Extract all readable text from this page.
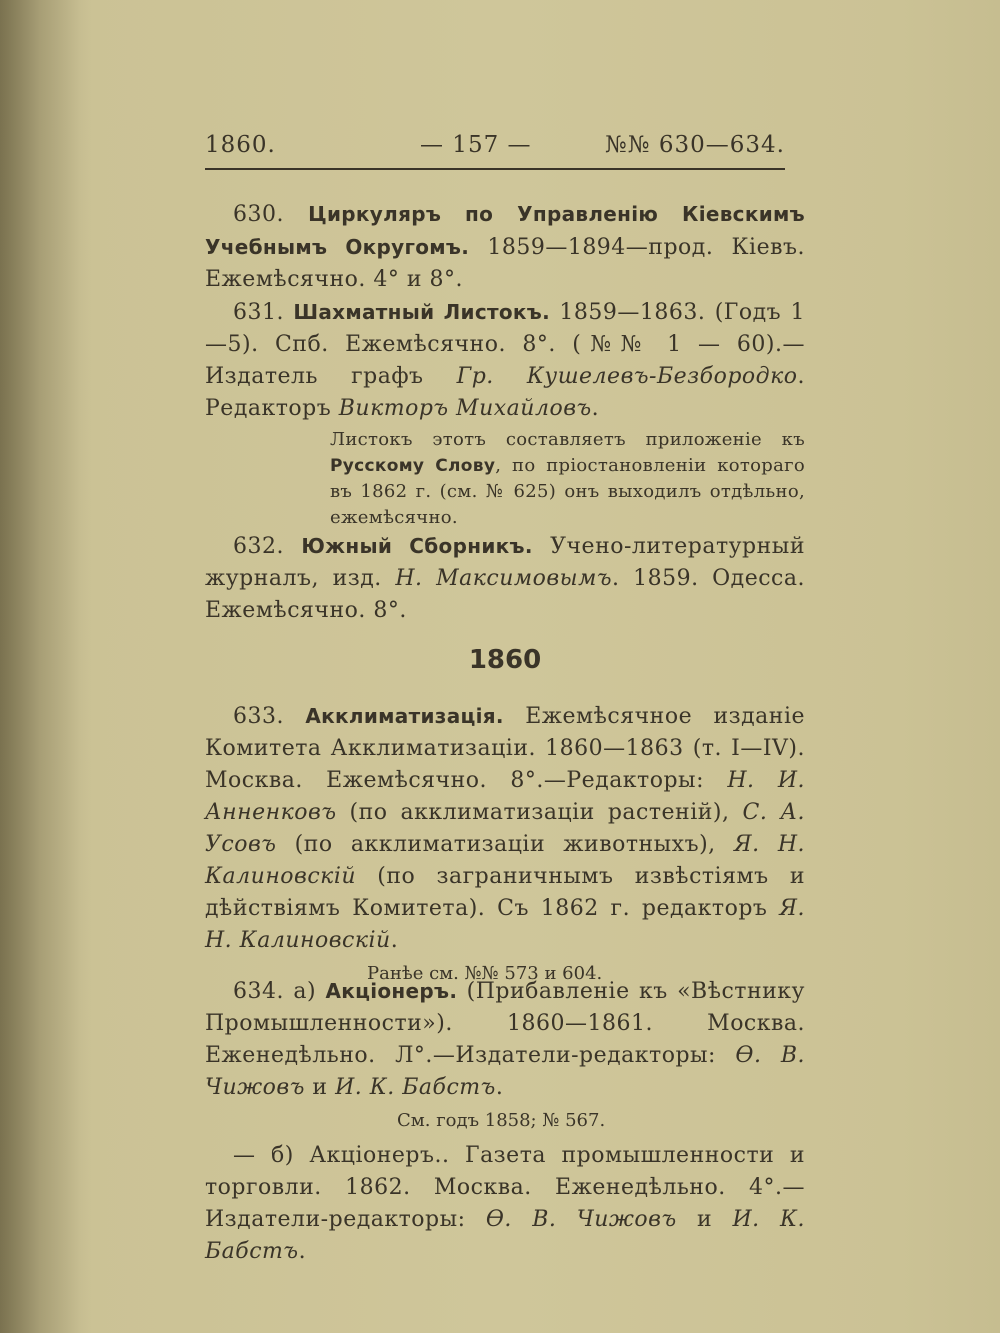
1860.	— 157 —	№№ 630—634.

630. Циркуляръ по Управленію Кіевскимъ Учебнымъ Округомъ. 1859—1894—прод. Кіевъ. Ежемѣсячно. 4° и 8°.

631. Шахматный Листокъ. 1859—1863. (Годъ 1—5). Спб. Ежемѣсячно. 8°. (№№ 1 — 60).— Издатель графъ Гр. Кушелевъ-Безбородко. Редакторъ Викторъ Михайловъ.

Листокъ этотъ составляетъ приложеніе къ Русскому Слову, по пріостановленіи котораго въ 1862 г. (см. № 625) онъ выходилъ отдѣльно, ежемѣсячно.

632. Южный Сборникъ. Учено-литературный журналъ, изд. Н. Максимовымъ. 1859. Одесса. Ежемѣсячно. 8°.

1860

633. Акклиматизація. Ежемѣсячное изданіе Комитета Акклиматизаціи. 1860—1863 (т. I—IV). Москва. Ежемѣсячно. 8°.—Редакторы: Н. И. Анненковъ (по акклиматизаціи растеній), С. А. Усовъ (по акклиматизаціи животныхъ), Я. Н. Калиновскій (по заграничнымъ извѣстіямъ и дѣйствіямъ Комитета). Съ 1862 г. редакторъ Я. Н. Калиновскій.

Ранѣе см. №№ 573 и 604.

634. а) Акціонеръ. (Прибавленіе къ «Вѣстнику Промышленности»). 1860—1861. Москва. Еженедѣльно. Л°.—Издатели-редакторы: Ѳ. В. Чижовъ и И. К. Бабстъ.

См. годъ 1858; № 567.

— б) Акціонеръ.. Газета промышленности и торговли. 1862. Москва. Еженедѣльно. 4°.—Издатели-редакторы: Ѳ. В. Чижовъ и И. К. Бабстъ.
